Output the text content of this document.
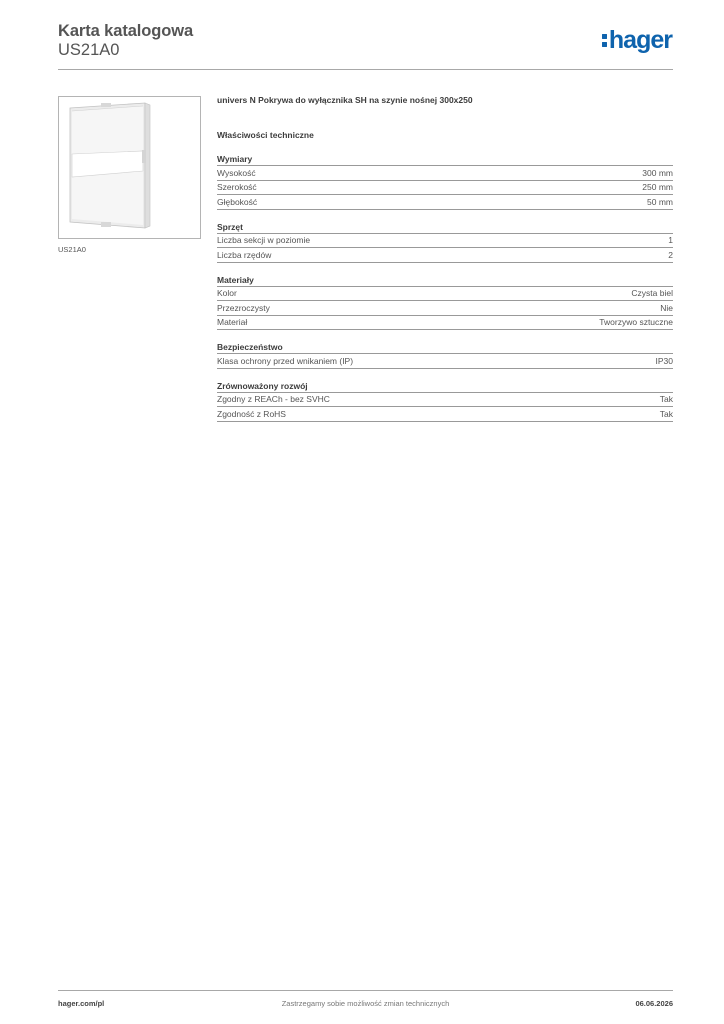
Karta katalogowa
US21A0	hager
US21A0
univers N Pokrywa do wyłącznika SH na szynie nośnej 300x250
Właściwości techniczne
Wymiary
Wysokość	300 mm
Szerokość	250 mm
Głębokość	50 mm
Sprzęt
Liczba sekcji w poziomie	1
Liczba rzędów	2
Materiały
Kolor	Czysta biel
Przezroczysty	Nie
Materiał	Tworzywo sztuczne
Bezpieczeństwo
Klasa ochrony przed wnikaniem (IP)	IP30
Zrównoważony rozwój
Zgodny z REACh - bez SVHC	Tak
Zgodność z RoHS	Tak
Zastrzegamy sobie możliwość zmian technicznych
hager.com/pl	06.06.2026
